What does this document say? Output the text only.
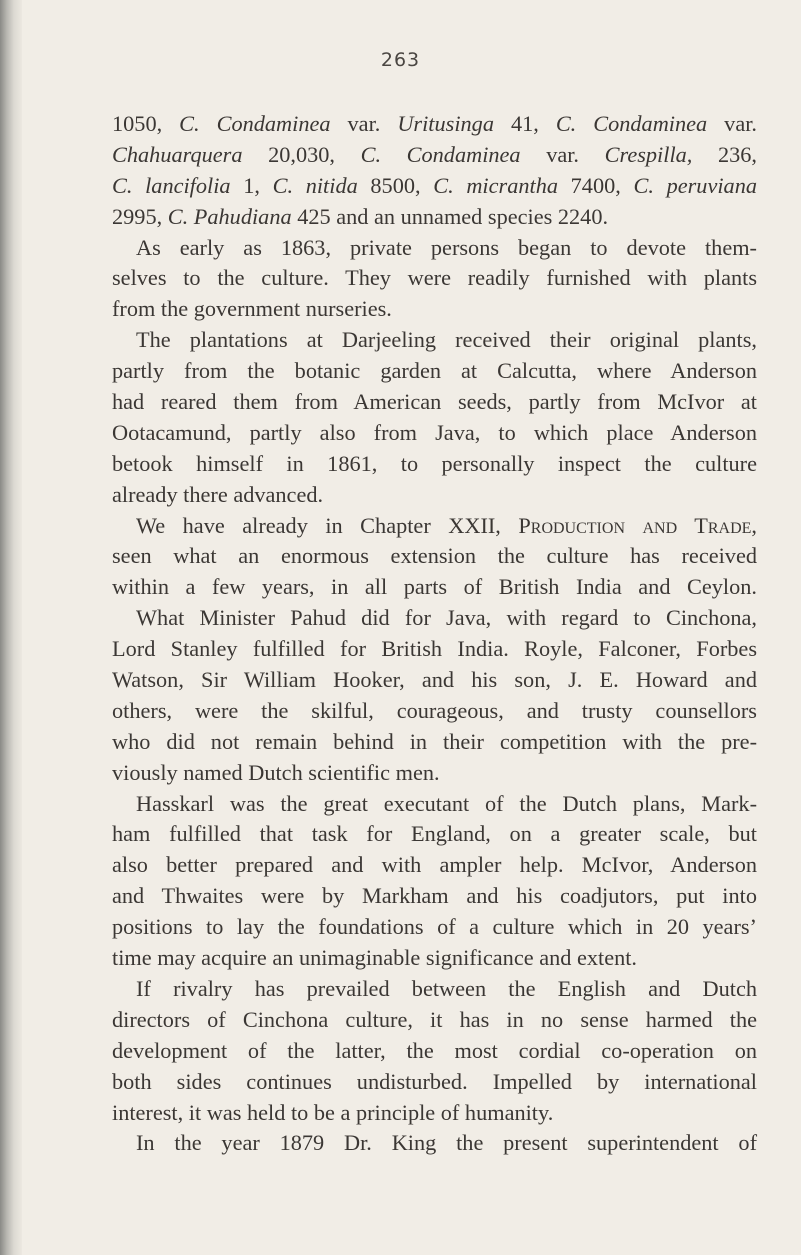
263
1050, C. Condaminea var. Uritusinga 41, C. Condaminea var.
Chahuarquera 20,030, C. Condaminea var. Crespilla, 236,
C. lancifolia 1, C. nitida 8500, C. micrantha 7400, C. peruviana
2995, C. Pahudiana 425 and an unnamed species 2240.
As early as 1863, private persons began to devote them-
selves to the culture. They were readily furnished with plants
from the government nurseries.
The plantations at Darjeeling received their original plants,
partly from the botanic garden at Calcutta, where Anderson
had reared them from American seeds, partly from McIvor at
Ootacamund, partly also from Java, to which place Anderson
betook himself in 1861, to personally inspect the culture
already there advanced.
We have already in Chapter XXII, Production and Trade,
seen what an enormous extension the culture has received
within a few years, in all parts of British India and Ceylon.
What Minister Pahud did for Java, with regard to Cinchona,
Lord Stanley fulfilled for British India. Royle, Falconer, Forbes
Watson, Sir William Hooker, and his son, J. E. Howard and
others, were the skilful, courageous, and trusty counsellors
who did not remain behind in their competition with the pre-
viously named Dutch scientific men.
Hasskarl was the great executant of the Dutch plans, Mark-
ham fulfilled that task for England, on a greater scale, but
also better prepared and with ampler help. McIvor, Anderson
and Thwaites were by Markham and his coadjutors, put into
positions to lay the foundations of a culture which in 20 years’
time may acquire an unimaginable significance and extent.
If rivalry has prevailed between the English and Dutch
directors of Cinchona culture, it has in no sense harmed the
development of the latter, the most cordial co-operation on
both sides continues undisturbed. Impelled by international
interest, it was held to be a principle of humanity.
In the year 1879 Dr. King the present superintendent of
